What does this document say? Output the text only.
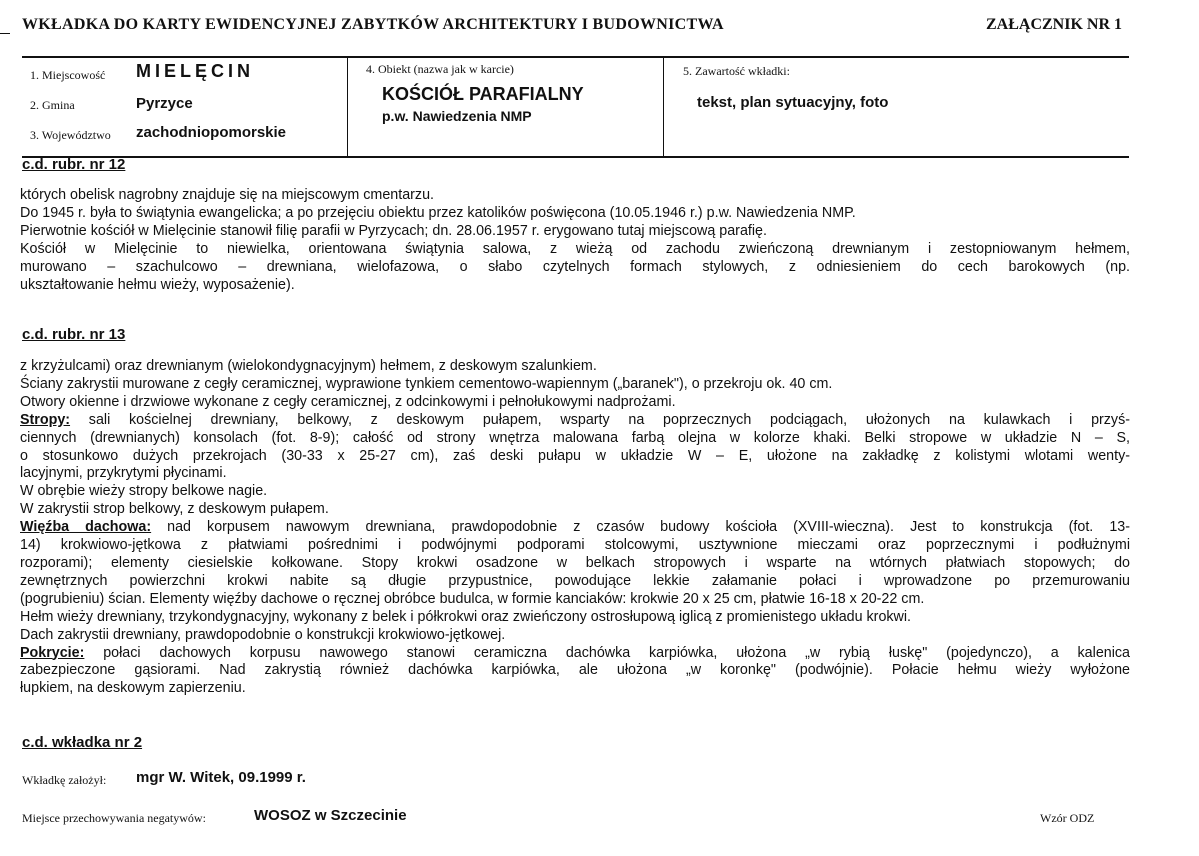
WKŁADKA DO KARTY EWIDENCYJNEJ ZABYTKÓW ARCHITEKTURY I BUDOWNICTWA	ZAŁĄCZNIK NR 1
1. Miejscowość MIELĘCIN
2. Gmina	Pyrzyce
3. Województwo zachodniopomorskie
4. Obiekt (nazwa jak w karcie)
KOŚCIÓŁ PARAFIALNY
p.w. Nawiedzenia NMP
5. Zawartość wkładki:
tekst, plan sytuacyjny, foto
c.d. rubr. nr 12
których obelisk nagrobny znajduje się na miejscowym cmentarzu.
Do 1945 r. była to świątynia ewangelicka; a po przejęciu obiektu przez katolików poświęcona (10.05.1946 r.) p.w. Nawiedzenia NMP.
Pierwotnie kościół w Mielęcinie stanowił filię parafii w Pyrzycach; dn. 28.06.1957 r. erygowano tutaj miejscową parafię.
Kościół w Mielęcinie to niewielka, orientowana świątynia salowa, z wieżą od zachodu zwieńczoną drewnianym i zestopniowanym hełmem,
murowano – szachulcowo – drewniana, wielofazowa, o słabo czytelnych formach stylowych, z odniesieniem do cech barokowych (np.
ukształtowanie hełmu wieży, wyposażenie).
c.d. rubr. nr 13
z krzyżulcami) oraz drewnianym (wielokondygnacyjnym) hełmem, z deskowym szalunkiem.
Ściany zakrystii murowane z cegły ceramicznej, wyprawione tynkiem cementowo-wapiennym („baranek"), o przekroju ok. 40 cm.
Otwory okienne i drzwiowe wykonane z cegły ceramicznej, z odcinkowymi i pełnołukowymi nadprożami.
Stropy: sali kościelnej drewniany, belkowy, z deskowym pułapem, wsparty na poprzecznych podciągach, ułożonych na kulawkach i przyś-
ciennych (drewnianych) konsolach (fot. 8-9); całość od strony wnętrza malowana farbą olejna w kolorze khaki. Belki stropowe w układzie N – S,
o stosunkowo dużych przekrojach (30-33 x 25-27 cm), zaś deski pułapu w układzie W – E, ułożone na zakładkę z kolistymi wlotami wenty-
lacyjnymi, przykrytymi płycinami.
W obrębie wieży stropy belkowe nagie.
W zakrystii strop belkowy, z deskowym pułapem.
Więźba dachowa: nad korpusem nawowym drewniana, prawdopodobnie z czasów budowy kościoła (XVIII-wieczna). Jest to konstrukcja (fot. 13-
14) krokwiowo-jętkowa z płatwiami pośrednimi i podwójnymi podporami stolcowymi, usztywnione mieczami oraz poprzecznymi i podłużnymi
rozporami); elementy ciesielskie kołkowane. Stopy krokwi osadzone w belkach stropowych i wsparte na wtórnych płatwiach stopowych; do
zewnętrznych powierzchni krokwi nabite są długie przypustnice, powodujące lekkie załamanie połaci i wprowadzone po przemurowaniu
(pogrubieniu) ścian. Elementy więźby dachowe o ręcznej obróbce budulca, w formie kanciaków: krokwie 20 x 25 cm, płatwie 16-18 x 20-22 cm.
Hełm wieży drewniany, trzykondygnacyjny, wykonany z belek i półkrokwi oraz zwieńczony ostrosłupową iglicą z promienistego układu krokwi.
Dach zakrystii drewniany, prawdopodobnie o konstrukcji krokwiowo-jętkowej.
Pokrycie: połaci dachowych korpusu nawowego stanowi ceramiczna dachówka karpiówka, ułożona „w rybią łuskę" (pojedynczo), a kalenica
zabezpieczone gąsiorami. Nad zakrystią również dachówka karpiówka, ale ułożona „w koronkę" (podwójnie). Połacie hełmu wieży wyłożone
łupkiem, na deskowym zapierzeniu.
c.d. wkładka nr 2
Wkładkę założył: mgr W. Witek, 09.1999 r.
Miejsce przechowywania negatywów:	WOSOZ w Szczecinie	Wzór ODZ
